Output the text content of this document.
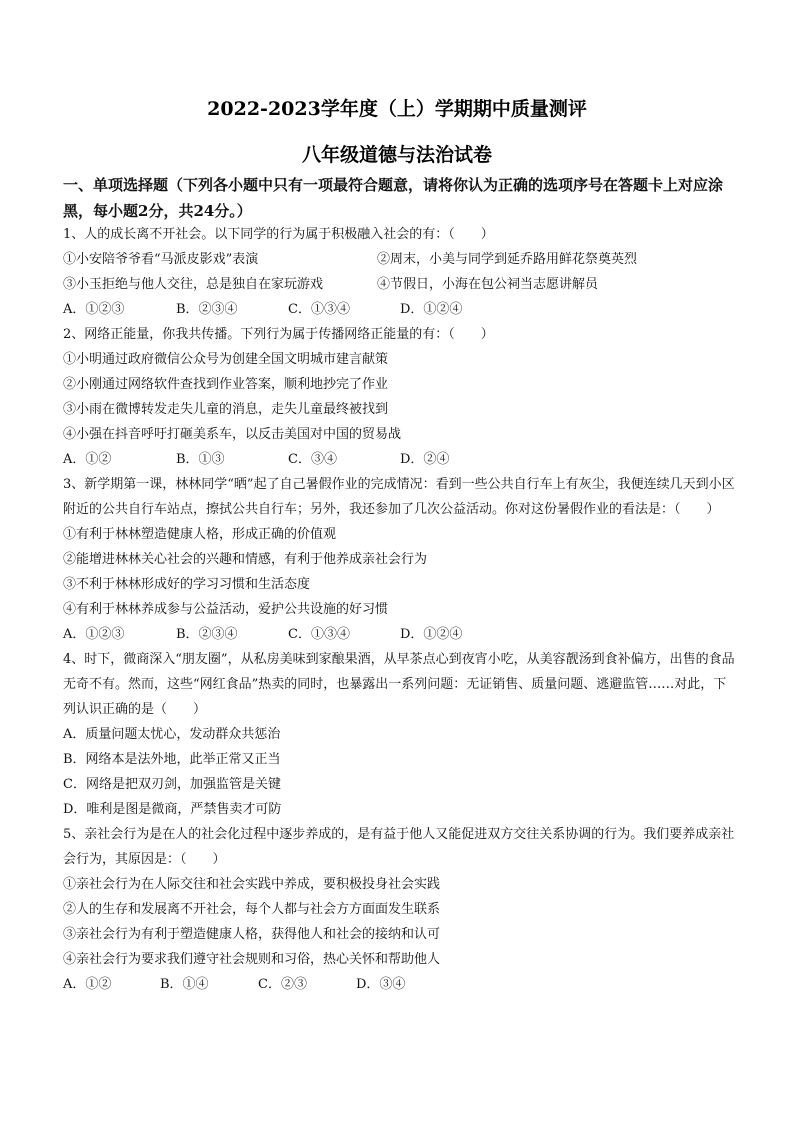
2022-2023学年度（上）学期期中质量测评
八年级道德与法治试卷
一、单项选择题（下列各小题中只有一项最符合题意，请将你认为正确的选项序号在答题卡上对应涂黑，每小题2分，共24分。）
1、人的成长离不开社会。以下同学的行为属于积极融入社会的有：（　　）
①小安陪爷爷看“马派皮影戏”表演	②周末，小美与同学到延乔路用鲜花祭奠英烈
③小玉拒绝与他人交往，总是独自在家玩游戏	④节假日，小海在包公祠当志愿讲解员
A．①②③	B．②③④	C．①③④	D．①②④
2、网络正能量，你我共传播。下列行为属于传播网络正能量的有：（　　）
①小明通过政府微信公众号为创建全国文明城市建言献策
②小刚通过网络软件查找到作业答案，顺利地抄完了作业
③小雨在微博转发走失儿童的消息，走失儿童最终被找到
④小强在抖音呼吁打砸美系车，以反击美国对中国的贸易战
A．①②	B．①③	C．③④	D．②④
3、新学期第一课，林林同学“晒”起了自己暑假作业的完成情况：看到一些公共自行车上有灰尘，我便连续几天到小区附近的公共自行车站点，擦拭公共自行车；另外，我还参加了几次公益活动。你对这份暑假作业的看法是：（　　）
①有利于林林塑造健康人格，形成正确的价值观
②能增进林林关心社会的兴趣和情感，有利于他养成亲社会行为
③不利于林林形成好的学习习惯和生活态度
④有利于林林养成参与公益活动，爱护公共设施的好习惯
A．①②③	B．②③④	C．①③④	D．①②④
4、时下，微商深入“朋友圈”，从私房美味到家酿果酒，从早茶点心到夜宵小吃，从美容靓汤到食补偏方，出售的食品无奇不有。然而，这些“网红食品”热卖的同时，也暴露出一系列问题：无证销售、质量问题、逃避监管……对此，下列认识正确的是（　　）
A．质量问题太忧心，发动群众共惩治
B．网络本是法外地，此举正常又正当
C．网络是把双刃剑，加强监管是关键
D．唯利是图是微商，严禁售卖才可防
5、亲社会行为是在人的社会化过程中逐步养成的，是有益于他人又能促进双方交往关系协调的行为。我们要养成亲社会行为，其原因是：（　　）
①亲社会行为在人际交往和社会实践中养成，要积极投身社会实践
②人的生存和发展离不开社会，每个人都与社会方方面面发生联系
③亲社会行为有利于塑造健康人格，获得他人和社会的接纳和认可
④亲社会行为要求我们遵守社会规则和习俗，热心关怀和帮助他人
A．①②	B．①④	C．②③	D．③④
